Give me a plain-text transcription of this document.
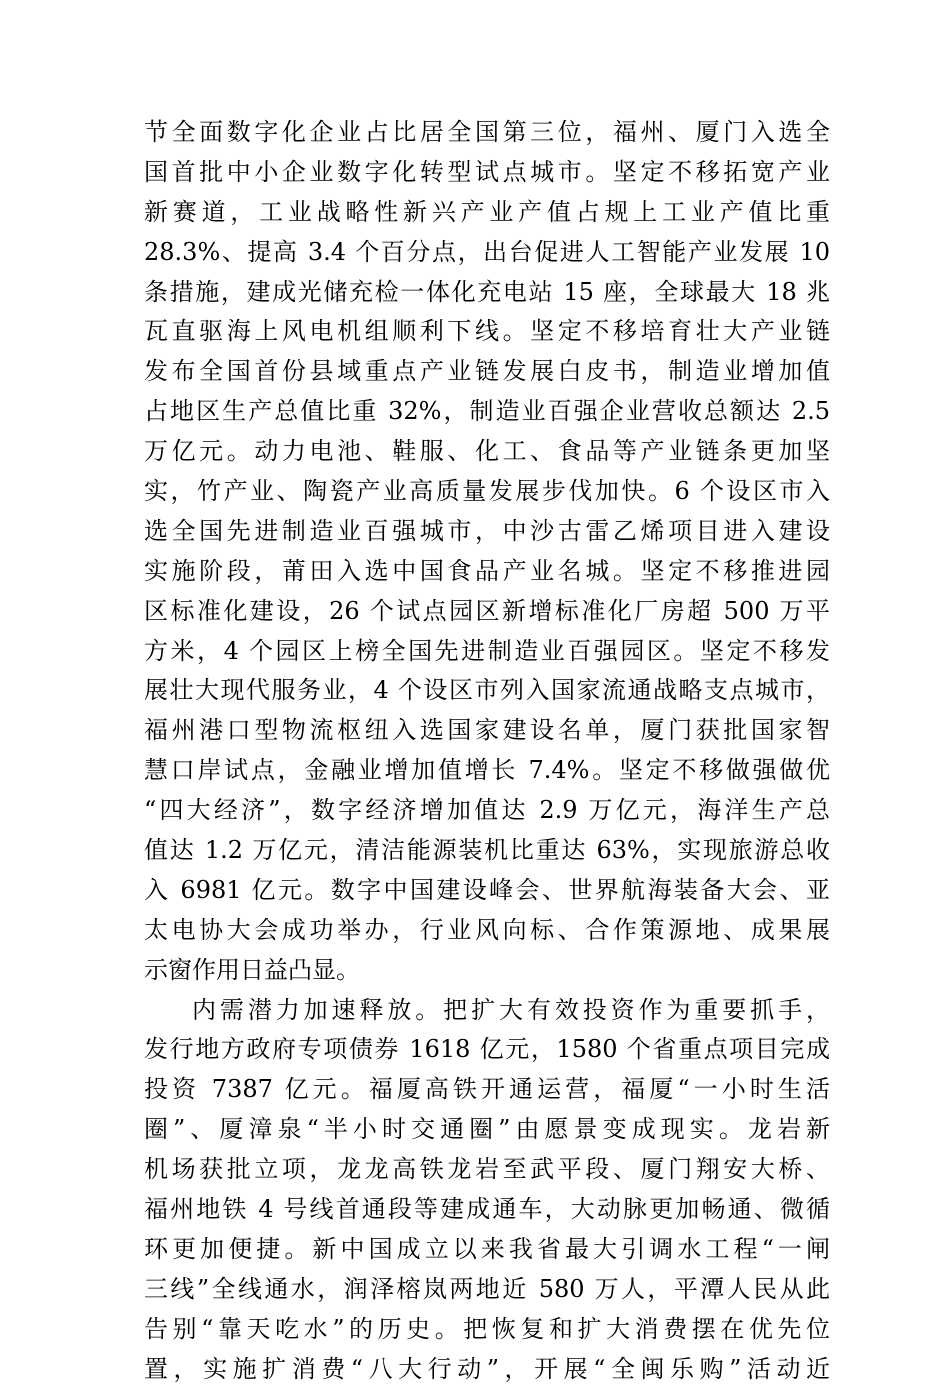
节全面数字化企业占比居全国第三位，福州、厦门入选全
国首批中小企业数字化转型试点城市。坚定不移拓宽产业
新赛道，工业战略性新兴产业产值占规上工业产值比重
28.3%、提高 3.4 个百分点，出台促进人工智能产业发展 10
条措施，建成光储充检一体化充电站 15 座，全球最大 18 兆
瓦直驱海上风电机组顺利下线。坚定不移培育壮大产业链
发布全国首份县域重点产业链发展白皮书，制造业增加值
占地区生产总值比重 32%，制造业百强企业营收总额达 2.5
万亿元。动力电池、鞋服、化工、食品等产业链条更加坚
实，竹产业、陶瓷产业高质量发展步伐加快。6 个设区市入
选全国先进制造业百强城市，中沙古雷乙烯项目进入建设
实施阶段，莆田入选中国食品产业名城。坚定不移推进园
区标准化建设，26 个试点园区新增标准化厂房超 500 万平
方米，4 个园区上榜全国先进制造业百强园区。坚定不移发
展壮大现代服务业，4 个设区市列入国家流通战略支点城市，
福州港口型物流枢纽入选国家建设名单，厦门获批国家智
慧口岸试点，金融业增加值增长 7.4%。坚定不移做强做优
“四大经济”，数字经济增加值达 2.9 万亿元，海洋生产总
值达 1.2 万亿元，清洁能源装机比重达 63%，实现旅游总收
入 6981 亿元。数字中国建设峰会、世界航海装备大会、亚
太电协大会成功举办，行业风向标、合作策源地、成果展
示窗作用日益凸显。
内需潜力加速释放。把扩大有效投资作为重要抓手，
发行地方政府专项债券 1618 亿元，1580 个省重点项目完成
投资 7387 亿元。福厦高铁开通运营，福厦“一小时生活
圈”、厦漳泉“半小时交通圈”由愿景变成现实。龙岩新
机场获批立项，龙龙高铁龙岩至武平段、厦门翔安大桥、
福州地铁 4 号线首通段等建成通车，大动脉更加畅通、微循
环更加便捷。新中国成立以来我省最大引调水工程“一闸
三线”全线通水，润泽榕岚两地近 580 万人，平潭人民从此
告别“靠天吃水”的历史。把恢复和扩大消费摆在优先位
置，实施扩消费“八大行动”，开展“全闽乐购”活动近
